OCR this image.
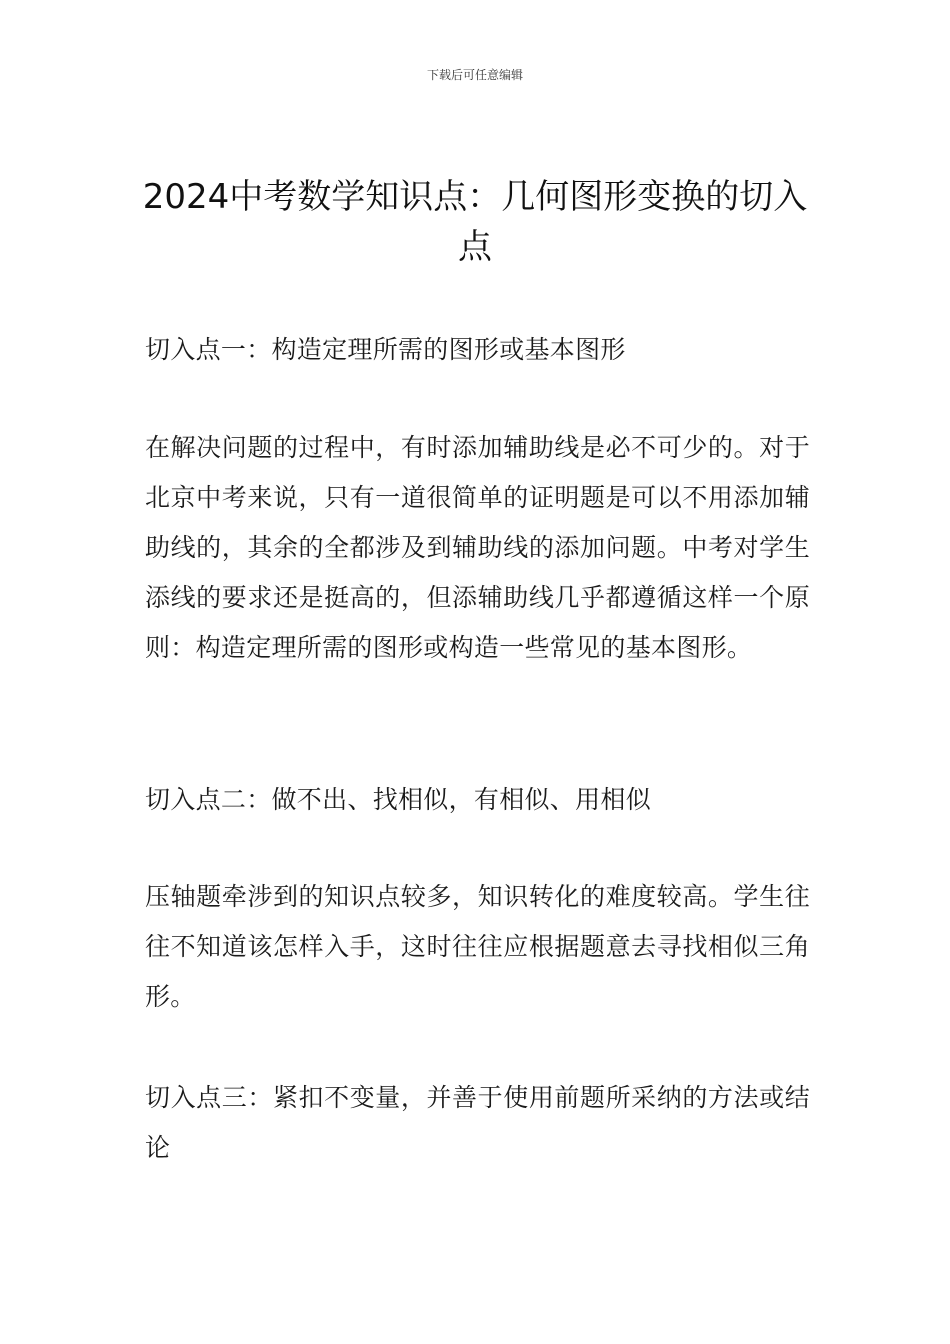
下载后可任意编辑
2024中考数学知识点：几何图形变换的切入点

切入点一：构造定理所需的图形或基本图形

在解决问题的过程中，有时添加辅助线是必不可少的。对于北京中考来说，只有一道很简单的证明题是可以不用添加辅助线的，其余的全都涉及到辅助线的添加问题。中考对学生添线的要求还是挺高的，但添辅助线几乎都遵循这样一个原则：构造定理所需的图形或构造一些常见的基本图形。

切入点二：做不出、找相似，有相似、用相似

压轴题牵涉到的知识点较多，知识转化的难度较高。学生往往不知道该怎样入手，这时往往应根据题意去寻找相似三角形。

切入点三：紧扣不变量，并善于使用前题所采纳的方法或结论
